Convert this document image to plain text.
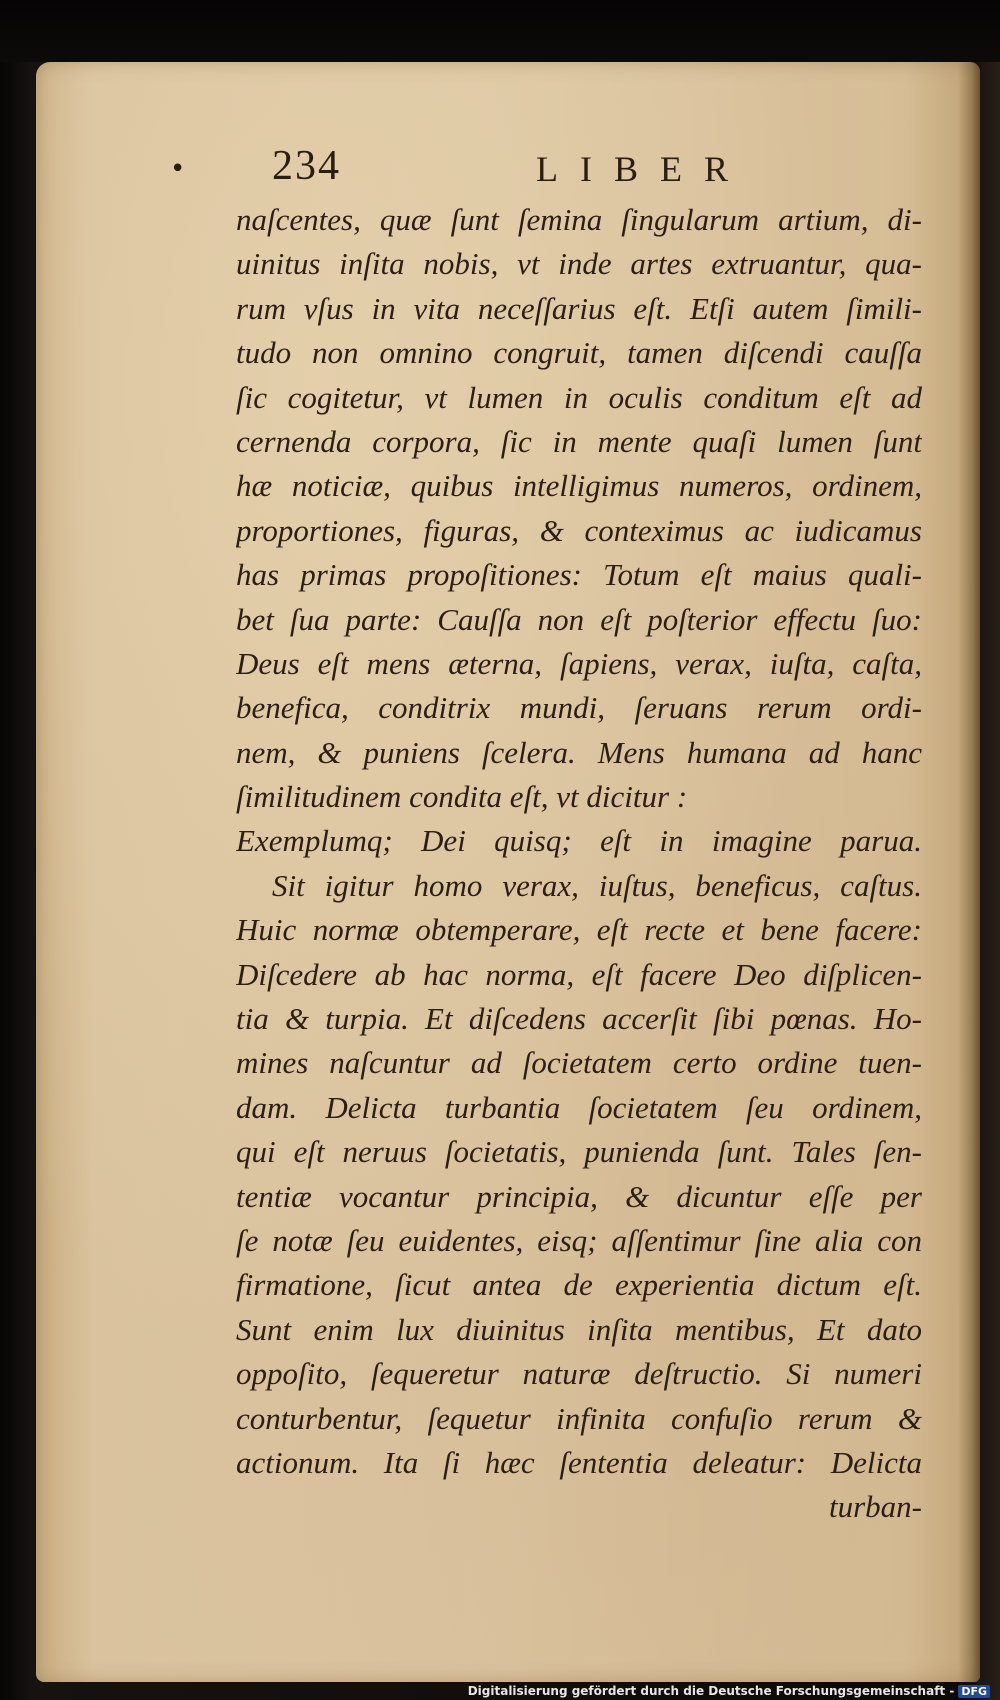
• 234	LIBER
naſcentes, quæ ſunt ſemina ſingularum artium, di-
uinitus inſita nobis, vt inde artes extruantur, qua-
rum vſus in vita neceſſarius eſt. Etſi autem ſimili-
tudo non omnino congruit, tamen diſcendi cauſſa
ſic cogitetur, vt lumen in oculis conditum eſt ad
cernenda corpora, ſic in mente quaſi lumen ſunt
hæ noticiæ, quibus intelligimus numeros, ordinem,
proportiones, figuras, & conteximus ac iudicamus
has primas propoſitiones: Totum eſt maius quali-
bet ſua parte: Cauſſa non eſt poſterior effectu ſuo:
Deus eſt mens æterna, ſapiens, verax, iuſta, caſta,
benefica, conditrix mundi, ſeruans rerum ordi-
nem, & puniens ſcelera. Mens humana ad hanc
ſimilitudinem condita eſt, vt dicitur :
Exemplumq; Dei quisq; eſt in imagine parua.
Sit igitur homo verax, iuſtus, beneficus, caſtus.
Huic normæ obtemperare, eſt recte et bene facere:
Diſcedere ab hac norma, eſt facere Deo diſplicen-
tia & turpia. Et diſcedens accerſit ſibi pœnas. Ho-
mines naſcuntur ad ſocietatem certo ordine tuen-
dam. Delicta turbantia ſocietatem ſeu ordinem,
qui eſt neruus ſocietatis, punienda ſunt. Tales ſen-
tentiæ vocantur principia, & dicuntur eſſe per
ſe notæ ſeu euidentes, eisq; aſſentimur ſine alia con
firmatione, ſicut antea de experientia dictum eſt.
Sunt enim lux diuinitus inſita mentibus, Et dato
oppoſito, ſequeretur naturæ deſtructio. Si numeri
conturbentur, ſequetur infinita confuſio rerum &
actionum. Ita ſi hæc ſententia deleatur: Delicta
turban-
Digitalisierung gefördert durch die Deutsche Forschungsgemeinschaft - DFG
